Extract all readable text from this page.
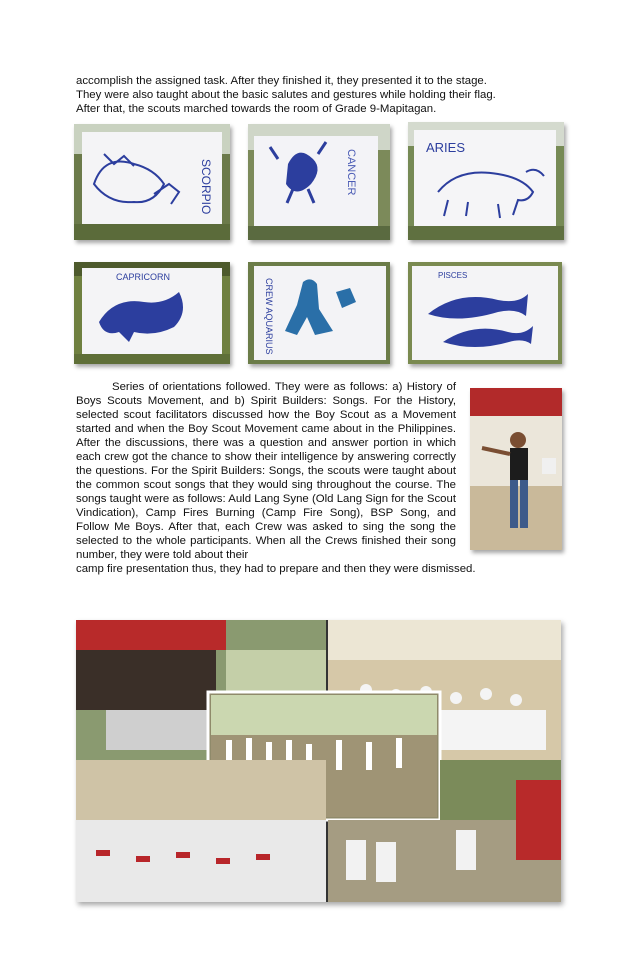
accomplish the assigned task. After they finished it, they presented it to the stage.
They were also taught about the basic salutes and gestures while holding their flag.
After that, the scouts marched towards the room of Grade 9-Mapitagan.

SCORPIO	CANCER
ARIES
CAPRICORN
CREW AQUARIUS
PISCES

Series of orientations followed. They were as follows: a) History of Boys Scouts Movement, and b) Spirit Builders: Songs. For the History, selected scout facilitators discussed how the Boy Scout as a Movement started and when the Boy Scout Movement came about in the Philippines. After the discussions, there was a question and answer portion in which each crew got the chance to show their intelligence by answering correctly the questions. For the Spirit Builders: Songs, the scouts were taught about the common scout songs that they would sing throughout the course. The songs taught were as follows: Auld Lang Syne (Old Lang Sign for the Scout Vindication), Camp Fires Burning (Camp Fire Song), BSP Song, and Follow Me Boys. After that, each Crew was asked to sing the song the selected to the whole participants. When all the Crews finished their song number, they were told about their

camp fire presentation thus, they had to prepare and then they were dismissed.
